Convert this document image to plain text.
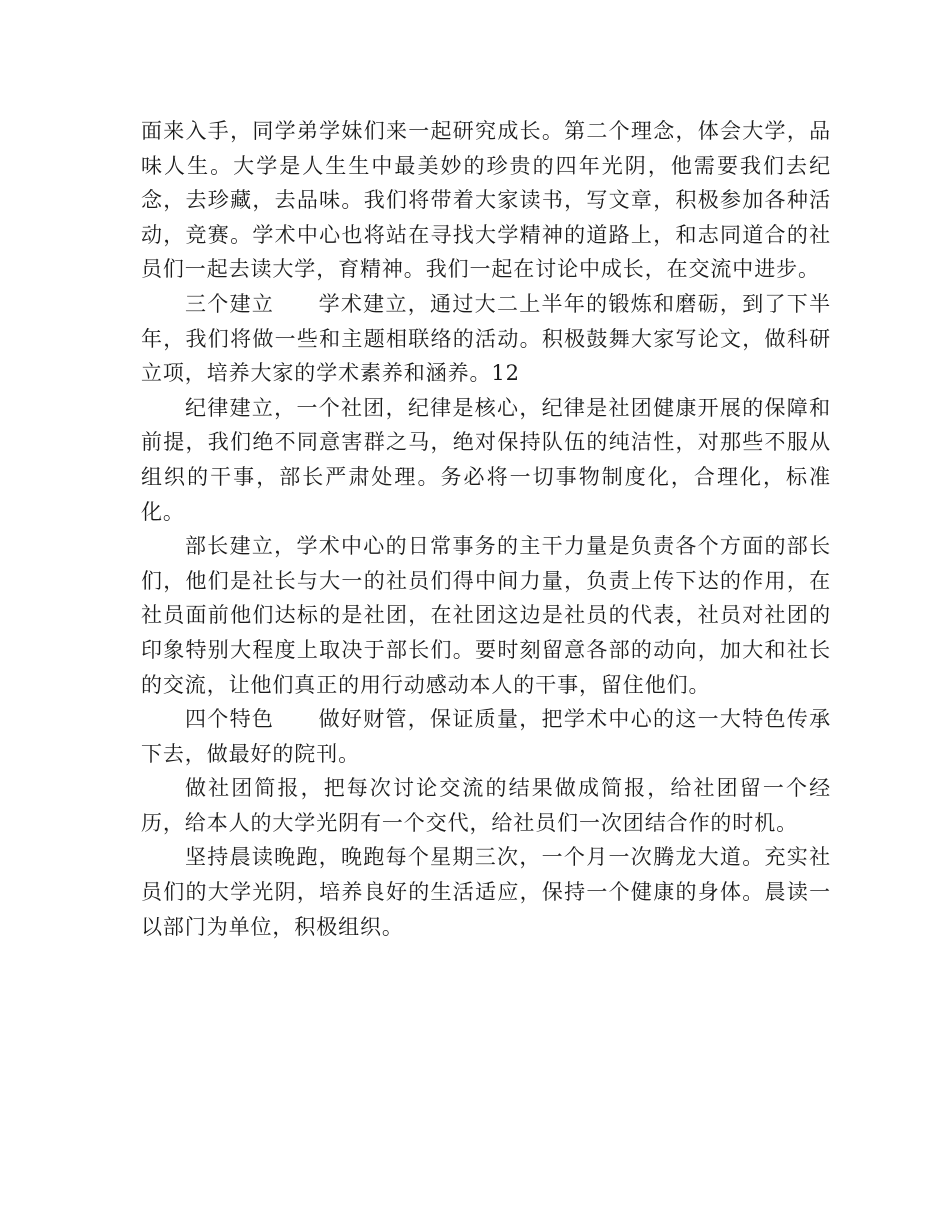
面来入手，同学弟学妹们来一起研究成长。第二个理念，体会大学，品味人生。大学是人生生中最美妙的珍贵的四年光阴，他需要我们去纪念，去珍藏，去品味。我们将带着大家读书，写文章，积极参加各种活动，竞赛。学术中心也将站在寻找大学精神的道路上，和志同道合的社员们一起去读大学，育精神。我们一起在讨论中成长，在交流中进步。

三个建立 学术建立，通过大二上半年的锻炼和磨砺，到了下半年，我们将做一些和主题相联络的活动。积极鼓舞大家写论文，做科研立项，培养大家的学术素养和涵养。12

纪律建立，一个社团，纪律是核心，纪律是社团健康开展的保障和前提，我们绝不同意害群之马，绝对保持队伍的纯洁性，对那些不服从组织的干事，部长严肃处理。务必将一切事物制度化，合理化，标准化。

部长建立，学术中心的日常事务的主干力量是负责各个方面的部长们，他们是社长与大一的社员们得中间力量，负责上传下达的作用，在社员面前他们达标的是社团，在社团这边是社员的代表，社员对社团的印象特别大程度上取决于部长们。要时刻留意各部的动向，加大和社长的交流，让他们真正的用行动感动本人的干事，留住他们。

四个特色 做好财管，保证质量，把学术中心的这一大特色传承下去，做最好的院刊。

做社团简报，把每次讨论交流的结果做成简报，给社团留一个经历，给本人的大学光阴有一个交代，给社员们一次团结合作的时机。

坚持晨读晚跑，晚跑每个星期三次，一个月一次腾龙大道。充实社员们的大学光阴，培养良好的生活适应，保持一个健康的身体。晨读一以部门为单位，积极组织。
